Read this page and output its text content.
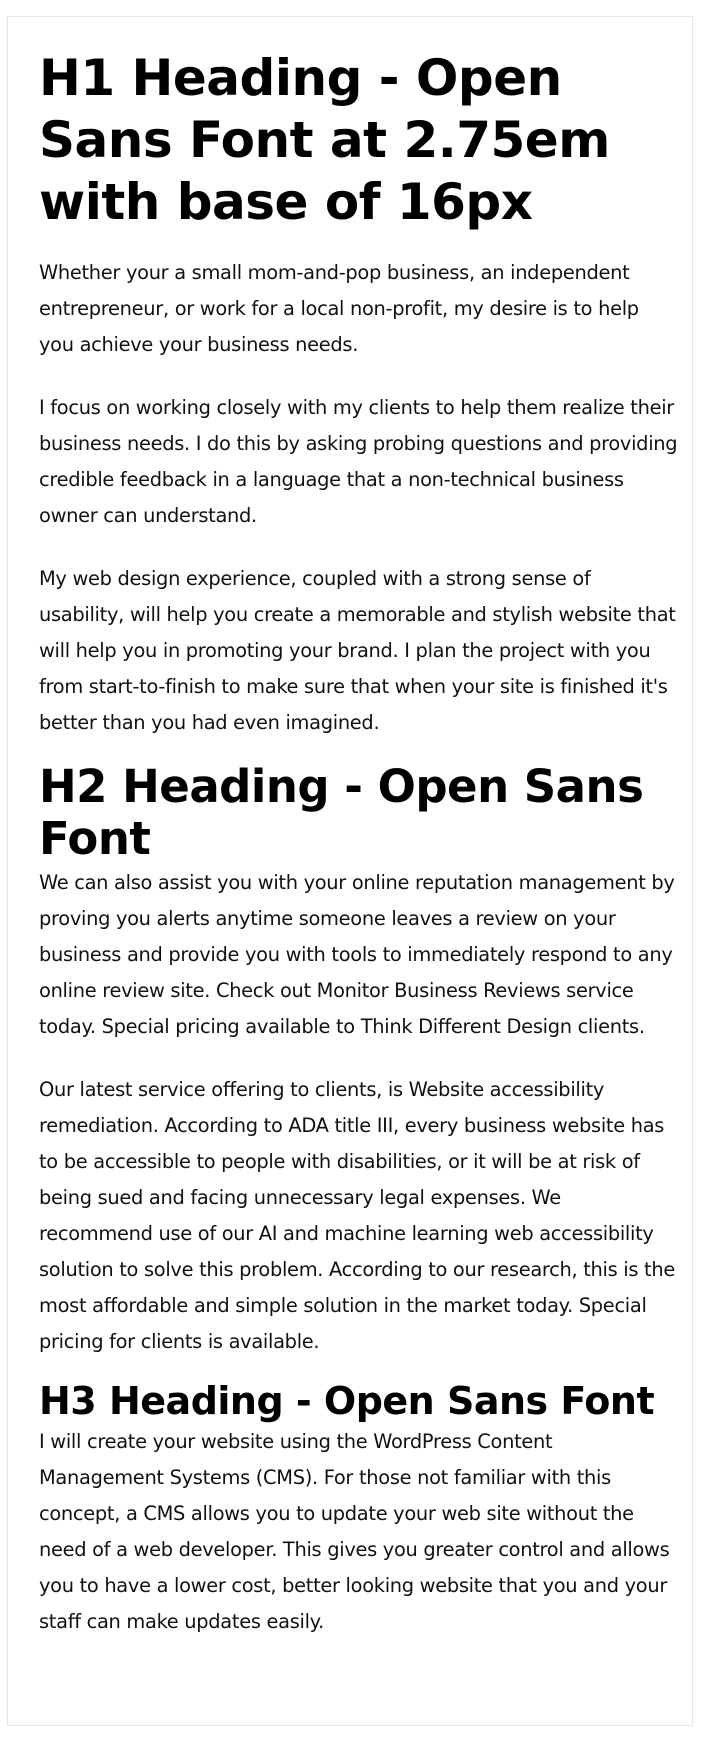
H1 Heading - Open Sans Font at 2.75em with base of 16px

Whether your a small mom-and-pop business, an independent entrepreneur, or work for a local non-profit, my desire is to help you achieve your business needs.

I focus on working closely with my clients to help them realize their business needs. I do this by asking probing questions and providing credible feedback in a language that a non-technical business owner can understand.

My web design experience, coupled with a strong sense of usability, will help you create a memorable and stylish website that will help you in promoting your brand. I plan the project with you from start-to-finish to make sure that when your site is finished it's better than you had even imagined.

H2 Heading - Open Sans Font

We can also assist you with your online reputation management by proving you alerts anytime someone leaves a review on your business and provide you with tools to immediately respond to any online review site. Check out Monitor Business Reviews service today. Special pricing available to Think Different Design clients.

Our latest service offering to clients, is Website accessibility remediation. According to ADA title III, every business website has to be accessible to people with disabilities, or it will be at risk of being sued and facing unnecessary legal expenses. We recommend use of our AI and machine learning web accessibility solution to solve this problem. According to our research, this is the most affordable and simple solution in the market today. Special pricing for clients is available.

H3 Heading - Open Sans Font

I will create your website using the WordPress Content Management Systems (CMS). For those not familiar with this concept, a CMS allows you to update your web site without the need of a web developer. This gives you greater control and allows you to have a lower cost, better looking website that you and your staff can make updates easily.
